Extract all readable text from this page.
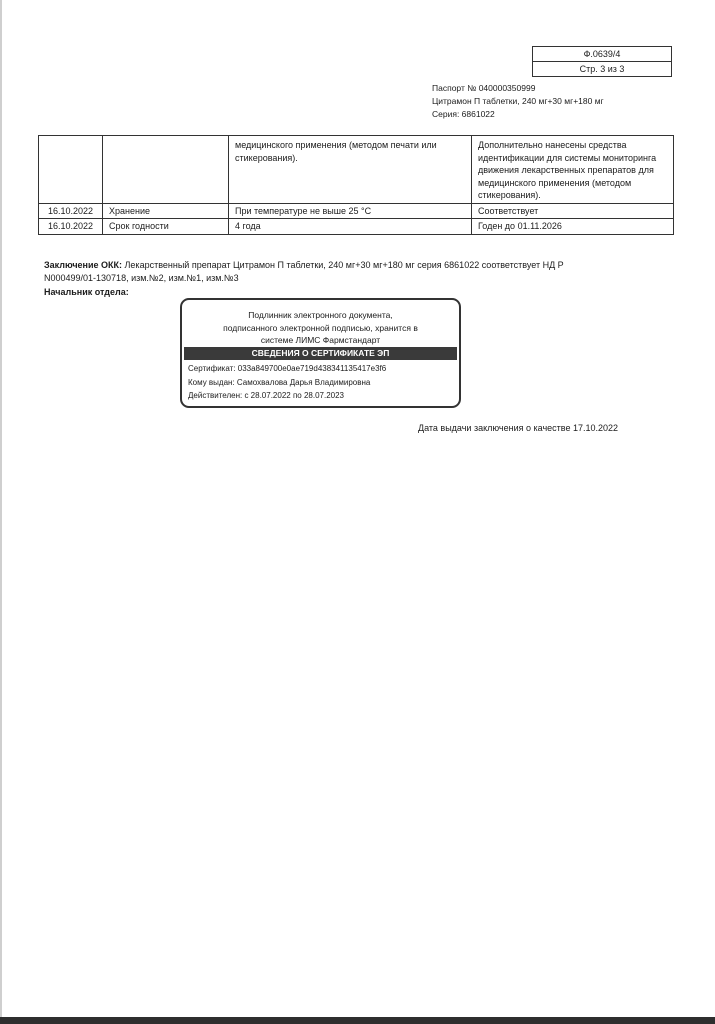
Ф.0639/4
Стр. 3 из 3
Паспорт № 040000350999
Цитрамон П таблетки, 240 мг+30 мг+180 мг
Серия: 6861022
		медицинского применения (методом печати или стикерования).	Дополнительно нанесены средства идентификации для системы мониторинга движения лекарственных препаратов для медицинского применения (методом стикерования).
16.10.2022	Хранение	При температуре не выше 25 °C	Соответствует
16.10.2022	Срок годности	4 года	Годен до 01.11.2026
Заключение ОКК: Лекарственный препарат Цитрамон П таблетки, 240 мг+30 мг+180 мг серия 6861022 соответствует НД Р N000499/01-130718, изм.№2, изм.№1, изм.№3
Начальник отдела:
Подлинник электронного документа,
подписанного электронной подписью, хранится в
системе ЛИМС Фармстандарт
СВЕДЕНИЯ О СЕРТИФИКАТЕ ЭП
Сертификат: 033a849700e0ae719d438341135417e3f6
Кому выдан: Самохвалова Дарья Владимировна
Действителен: с 28.07.2022 по 28.07.2023
Дата выдачи заключения о качестве 17.10.2022
